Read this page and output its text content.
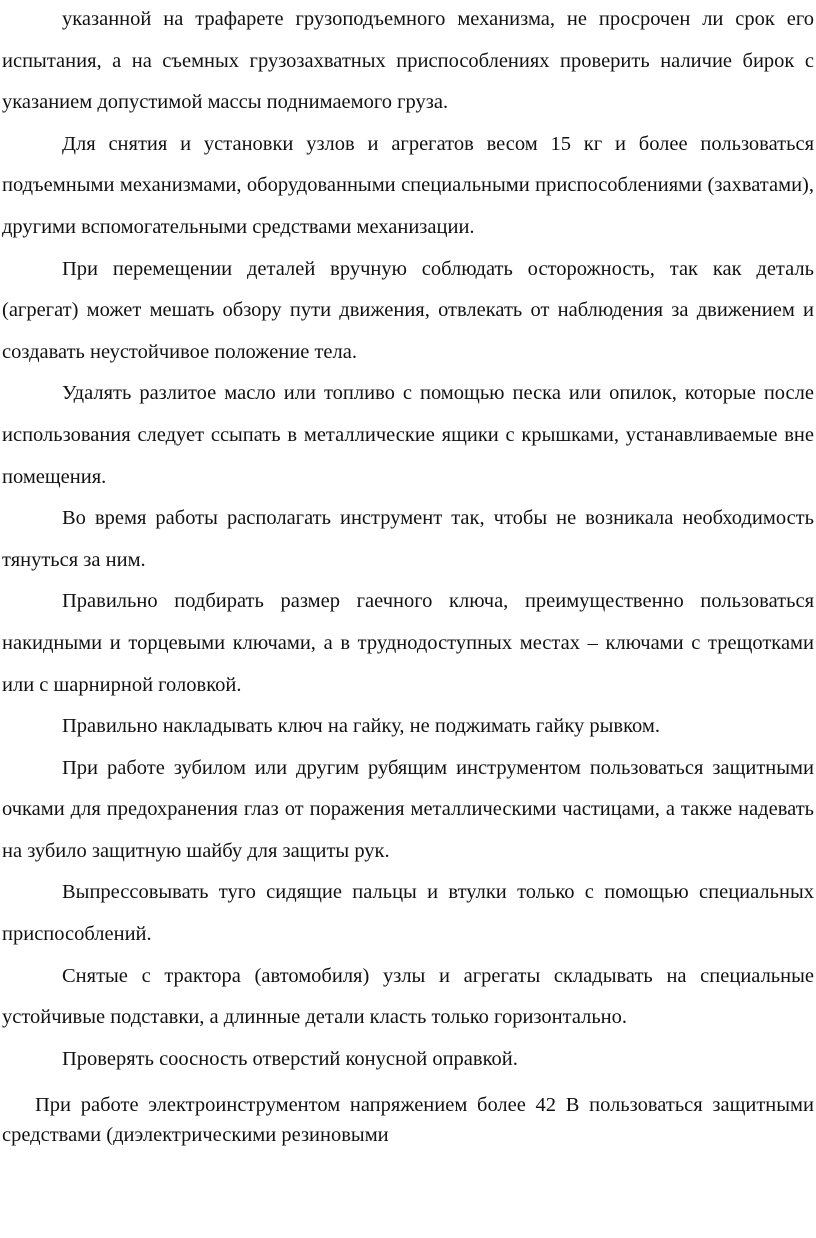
указанной на трафарете грузоподъемного механизма, не просрочен ли срок его испытания, а на съемных грузозахватных приспособлениях проверить наличие бирок с указанием допустимой массы поднимаемого груза.

Для снятия и установки узлов и агрегатов весом 15 кг и более пользоваться подъемными механизмами, оборудованными специальными приспособлениями (захватами), другими вспомогательными средствами механизации.

При перемещении деталей вручную соблюдать осторожность, так как деталь (агрегат) может мешать обзору пути движения, отвлекать от наблюдения за движением и создавать неустойчивое положение тела.

Удалять разлитое масло или топливо с помощью песка или опилок, которые после использования следует ссыпать в металлические ящики с крышками, устанавливаемые вне помещения.

Во время работы располагать инструмент так, чтобы не возникала необходимость тянуться за ним.

Правильно подбирать размер гаечного ключа, преимущественно пользоваться накидными и торцевыми ключами, а в труднодоступных местах – ключами с трещотками или с шарнирной головкой.

Правильно накладывать ключ на гайку, не поджимать гайку рывком.

При работе зубилом или другим рубящим инструментом пользоваться защитными очками для предохранения глаз от поражения металлическими частицами, а также надевать на зубило защитную шайбу для защиты рук.

Выпрессовывать туго сидящие пальцы и втулки только с помощью специальных приспособлений.

Снятые с трактора (автомобиля) узлы и агрегаты складывать на специальные устойчивые подставки, а длинные детали класть только горизонтально.

Проверять соосность отверстий конусной оправкой.

При работе электроинструментом напряжением более 42 В пользоваться защитными средствами (диэлектрическими резиновыми
